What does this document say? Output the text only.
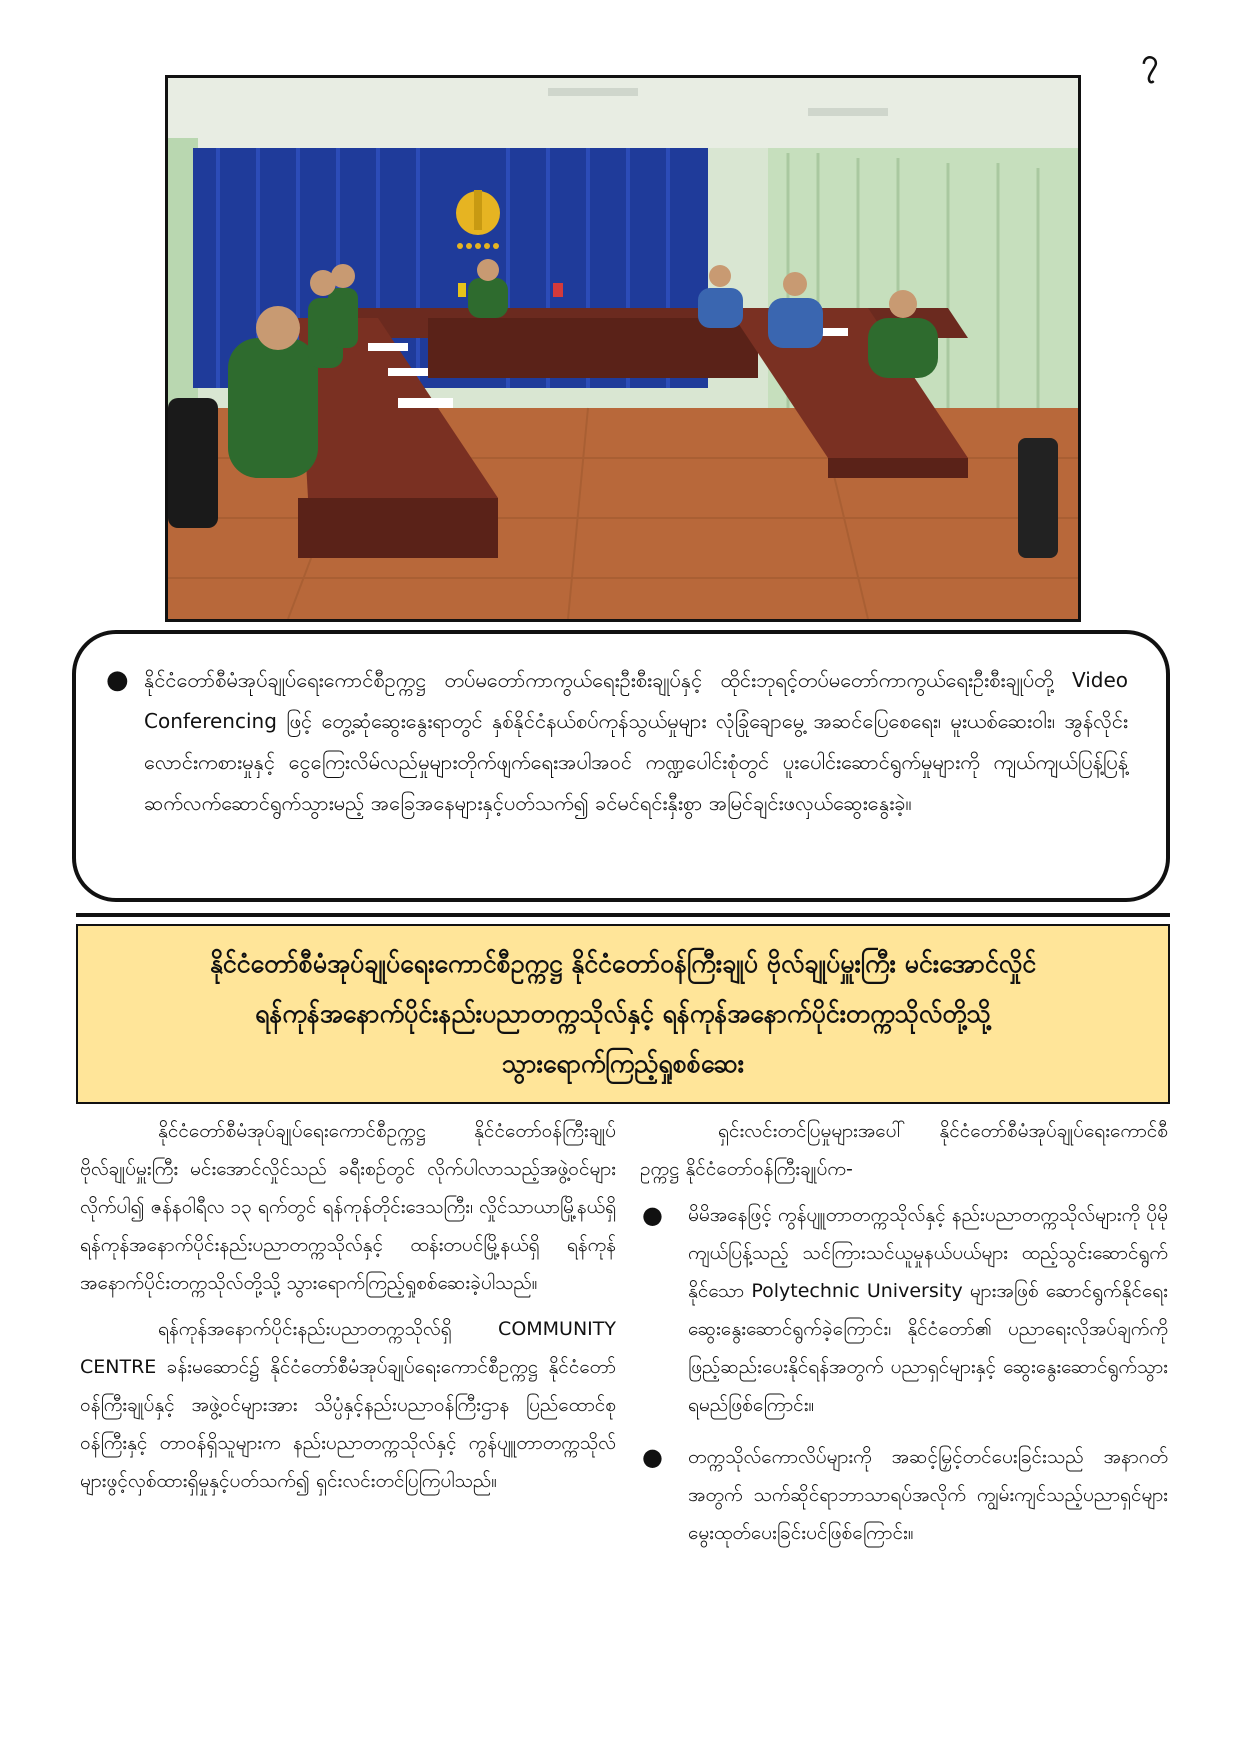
၇
● နိုင်ငံတော်စီမံအုပ်ချုပ်ရေးကောင်စီဥက္ကဋ္ဌ တပ်မတော်ကာကွယ်ရေးဦးစီးချုပ်နှင့် ထိုင်းဘုရင့်တပ်မတော်ကာကွယ်ရေးဦးစီးချုပ်တို့ Video Conferencing ဖြင့် တွေ့ဆုံဆွေးနွေးရာတွင် နှစ်နိုင်ငံနယ်စပ်ကုန်သွယ်မှုများ လုံခြုံချောမွေ့ အဆင်ပြေစေရေး၊ မူးယစ်ဆေးဝါး၊ အွန်လိုင်းလောင်းကစားမှုနှင့် ငွေကြေးလိမ်လည်မှုများတိုက်ဖျက်ရေးအပါအဝင် ကဏ္ဍပေါင်းစုံတွင် ပူးပေါင်းဆောင်ရွက်မှုများကို ကျယ်ကျယ်ပြန့်ပြန့် ဆက်လက်ဆောင်ရွက်သွားမည့် အခြေအနေများနှင့်ပတ်သက်၍ ခင်မင်ရင်းနှီးစွာ အမြင်ချင်းဖလှယ်ဆွေးနွေးခဲ့။
နိုင်ငံတော်စီမံအုပ်ချုပ်ရေးကောင်စီဥက္ကဋ္ဌ နိုင်ငံတော်ဝန်ကြီးချုပ် ဗိုလ်ချုပ်မှူးကြီး မင်းအောင်လှိုင်
ရန်ကုန်အနောက်ပိုင်းနည်းပညာတက္ကသိုလ်နှင့် ရန်ကုန်အနောက်ပိုင်းတက္ကသိုလ်တို့သို့
သွားရောက်ကြည့်ရှုစစ်ဆေး

နိုင်ငံတော်စီမံအုပ်ချုပ်ရေးကောင်စီဥက္ကဋ္ဌ နိုင်ငံတော်ဝန်ကြီးချုပ် ဗိုလ်ချုပ်မှူးကြီး မင်းအောင်လှိုင်သည် ခရီးစဉ်တွင် လိုက်ပါလာသည့်အဖွဲ့ဝင်များလိုက်ပါ၍ ဇန်နဝါရီလ ၁၃ ရက်တွင် ရန်ကုန်တိုင်းဒေသကြီး၊ လှိုင်သာယာမြို့နယ်ရှိ ရန်ကုန်အနောက်ပိုင်းနည်းပညာတက္ကသိုလ်နှင့် ထန်းတပင်မြို့နယ်ရှိ ရန်ကုန်အနောက်ပိုင်းတက္ကသိုလ်တို့သို့ သွားရောက်ကြည့်ရှုစစ်ဆေးခဲ့ပါသည်။

ရန်ကုန်အနောက်ပိုင်းနည်းပညာတက္ကသိုလ်ရှိ COMMUNITY CENTRE ခန်းမဆောင်၌ နိုင်ငံတော်စီမံအုပ်ချုပ်ရေးကောင်စီဥက္ကဋ္ဌ နိုင်ငံတော်ဝန်ကြီးချုပ်နှင့် အဖွဲ့ဝင်များအား သိပ္ပံနှင့်နည်းပညာဝန်ကြီးဌာန ပြည်ထောင်စုဝန်ကြီးနှင့် တာဝန်ရှိသူများက နည်းပညာတက္ကသိုလ်နှင့် ကွန်ပျူတာတက္ကသိုလ်များဖွင့်လှစ်ထားရှိမှုနှင့်ပတ်သက်၍ ရှင်းလင်းတင်ပြကြပါသည်။

ရှင်းလင်းတင်ပြမှုများအပေါ် နိုင်ငံတော်စီမံအုပ်ချုပ်ရေးကောင်စီဥက္ကဋ္ဌ နိုင်ငံတော်ဝန်ကြီးချုပ်က-

● မိမိအနေဖြင့် ကွန်ပျူတာတက္ကသိုလ်နှင့် နည်းပညာတက္ကသိုလ်များကို ပိုမိုကျယ်ပြန့်သည့် သင်ကြားသင်ယူမှုနယ်ပယ်များ ထည့်သွင်းဆောင်ရွက်နိုင်သော Polytechnic University များအဖြစ် ဆောင်ရွက်နိုင်ရေး ဆွေးနွေးဆောင်ရွက်ခဲ့ကြောင်း၊ နိုင်ငံတော်၏ ပညာရေးလိုအပ်ချက်ကို ဖြည့်ဆည်းပေးနိုင်ရန်အတွက် ပညာရှင်များနှင့် ဆွေးနွေးဆောင်ရွက်သွားရမည်ဖြစ်ကြောင်း။
● တက္ကသိုလ်ကောလိပ်များကို အဆင့်မြှင့်တင်ပေးခြင်းသည် အနာဂတ်အတွက် သက်ဆိုင်ရာဘာသာရပ်အလိုက် ကျွမ်းကျင်သည့်ပညာရှင်များ မွေးထုတ်ပေးခြင်းပင်ဖြစ်ကြောင်း။
